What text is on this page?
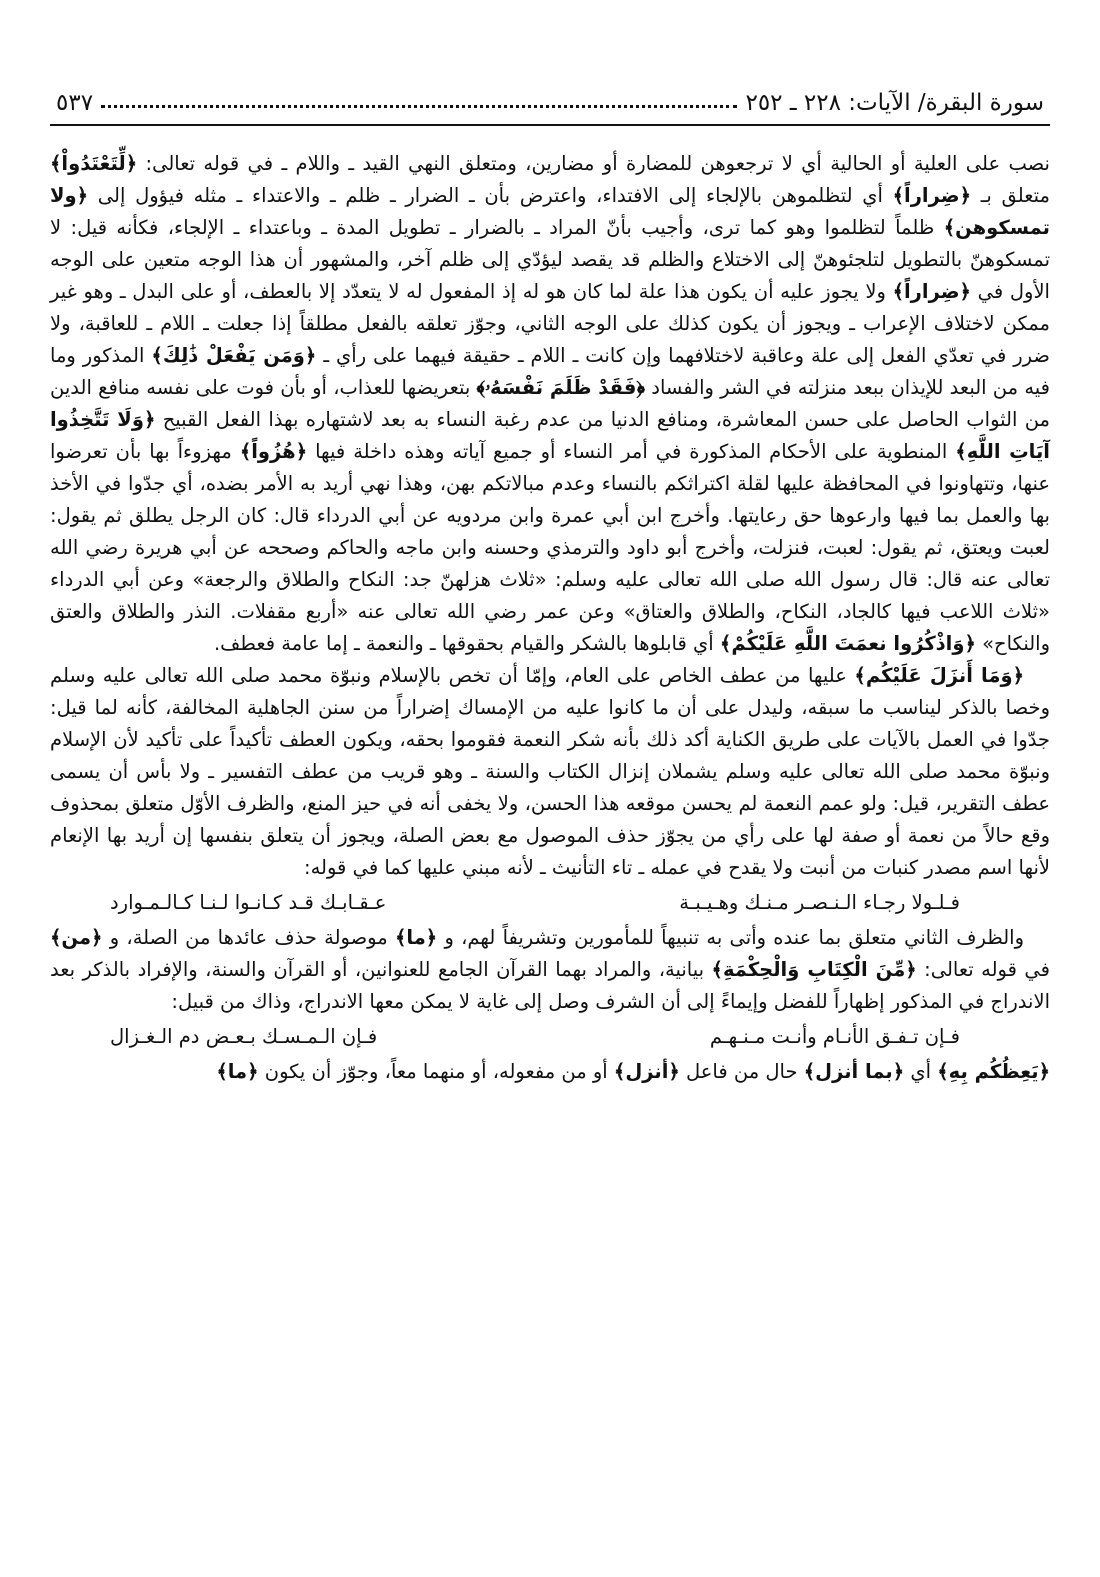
سورة البقرة/ الآيات: ٢٢٨ ـ ٢٥٢
٥٣٧

نصب على العلية أو الحالية أي لا ترجعوهن للمضارة أو مضارين، ومتعلق النهي القيد ـ واللام ـ في قوله تعالى: ﴿لِّتَعْتَدُواْ﴾ متعلق بـ ﴿ضِراراً﴾ أي لتظلموهن بالإلجاء إلى الافتداء، واعترض بأن ـ الضرار ـ ظلم ـ والاعتداء ـ مثله فيؤول إلى ﴿ولا تمسكوهن﴾ ظلماً لتظلموا وهو كما ترى، وأجيب بأنّ المراد ـ بالضرار ـ تطويل المدة ـ وباعتداء ـ الإلجاء، فكأنه قيل: لا تمسكوهنّ بالتطويل لتلجئوهنّ إلى الاختلاع والظلم قد يقصد ليؤدّي إلى ظلم آخر، والمشهور أن هذا الوجه متعين على الوجه الأول في ﴿ضِراراً﴾ ولا يجوز عليه أن يكون هذا علة لما كان هو له إذ المفعول له لا يتعدّد إلا بالعطف، أو على البدل ـ وهو غير ممكن لاختلاف الإعراب ـ ويجوز أن يكون كذلك على الوجه الثاني، وجوّز تعلقه بالفعل مطلقاً إذا جعلت ـ اللام ـ للعاقبة، ولا ضرر في تعدّي الفعل إلى علة وعاقبة لاختلافهما وإن كانت ـ اللام ـ حقيقة فيهما على رأي ـ ﴿وَمَن يَفْعَلْ ذَٰلِكَ﴾ المذكور وما فيه من البعد للإيذان ببعد منزلته في الشر والفساد ﴿فَقَدْ ظَلَمَ نَفْسَهُۥ﴾ بتعريضها للعذاب، أو بأن فوت على نفسه منافع الدين من الثواب الحاصل على حسن المعاشرة، ومنافع الدنيا من عدم رغبة النساء به بعد لاشتهاره بهذا الفعل القبيح ﴿وَلَا تَتَّخِذُوا آيَاتِ اللَّهِ﴾ المنطوية على الأحكام المذكورة في أمر النساء أو جميع آياته وهذه داخلة فيها ﴿هُزُواً﴾ مهزوءاً بها بأن تعرضوا عنها، وتتهاونوا في المحافظة عليها لقلة اكتراثكم بالنساء وعدم مبالاتكم بهن، وهذا نهي أريد به الأمر بضده، أي جدّوا في الأخذ بها والعمل بما فيها وارعوها حق رعايتها. وأخرج ابن أبي عمرة وابن مردويه عن أبي الدرداء قال: كان الرجل يطلق ثم يقول: لعبت ويعتق، ثم يقول: لعبت، فنزلت، وأخرج أبو داود والترمذي وحسنه وابن ماجه والحاكم وصححه عن أبي هريرة رضي الله تعالى عنه قال: قال رسول الله صلى الله تعالى عليه وسلم: «ثلاث هزلهنّ جد: النكاح والطلاق والرجعة» وعن أبي الدرداء «ثلاث اللاعب فيها كالجاد، النكاح، والطلاق والعتاق» وعن عمر رضي الله تعالى عنه «أربع مقفلات. النذر والطلاق والعتق والنكاح» ﴿وَاذْكُرُوا نعمَتَ اللَّهِ عَلَيْكُمْ﴾ أي قابلوها بالشكر والقيام بحقوقها ـ والنعمة ـ إما عامة فعطف.

﴿وَمَا أَنزَلَ عَلَيْكُم﴾ عليها من عطف الخاص على العام، وإمّا أن تخص بالإسلام ونبوّة محمد صلى الله تعالى عليه وسلم وخصا بالذكر ليناسب ما سبقه، وليدل على أن ما كانوا عليه من الإمساك إضراراً من سنن الجاهلية المخالفة، كأنه لما قيل: جدّوا في العمل بالآيات على طريق الكناية أكد ذلك بأنه شكر النعمة فقوموا بحقه، ويكون العطف تأكيداً على تأكيد لأن الإسلام ونبوّة محمد صلى الله تعالى عليه وسلم يشملان إنزال الكتاب والسنة ـ وهو قريب من عطف التفسير ـ ولا بأس أن يسمى عطف التقرير، قيل: ولو عمم النعمة لم يحسن موقعه هذا الحسن، ولا يخفى أنه في حيز المنع، والظرف الأوّل متعلق بمحذوف وقع حالاً من نعمة أو صفة لها على رأي من يجوّز حذف الموصول مع بعض الصلة، ويجوز أن يتعلق بنفسها إن أريد بها الإنعام لأنها اسم مصدر كنبات من أنبت ولا يقدح في عمله ـ تاء التأنيث ـ لأنه مبني عليها كما في قوله:

فـلـولا رجـاء الـنـصـر مـنـك وهـيـبـة
عـقـابـك قـد كـانـوا لـنـا كـالـمـوارد

والظرف الثاني متعلق بما عنده وأتى به تنبيهاً للمأمورين وتشريفاً لهم، و ﴿ما﴾ موصولة حذف عائدها من الصلة، و ﴿من﴾ في قوله تعالى: ﴿مِّنَ الْكِتَابِ وَالْحِكْمَةِ﴾ بيانية، والمراد بهما القرآن الجامع للعنوانين، أو القرآن والسنة، والإفراد بالذكر بعد الاندراج في المذكور إظهاراً للفضل وإيماءً إلى أن الشرف وصل إلى غاية لا يمكن معها الاندراج، وذاك من قبيل:

فـإن تـفـق الأنـام وأنـت مـنـهـم
فـإن الـمـسـك بـعـض دم الـغـزال

﴿يَعِظُكُم بِهِ﴾ أي ﴿بما أنزل﴾ حال من فاعل ﴿أنزل﴾ أو من مفعوله، أو منهما معاً، وجوّز أن يكون ﴿ما﴾
